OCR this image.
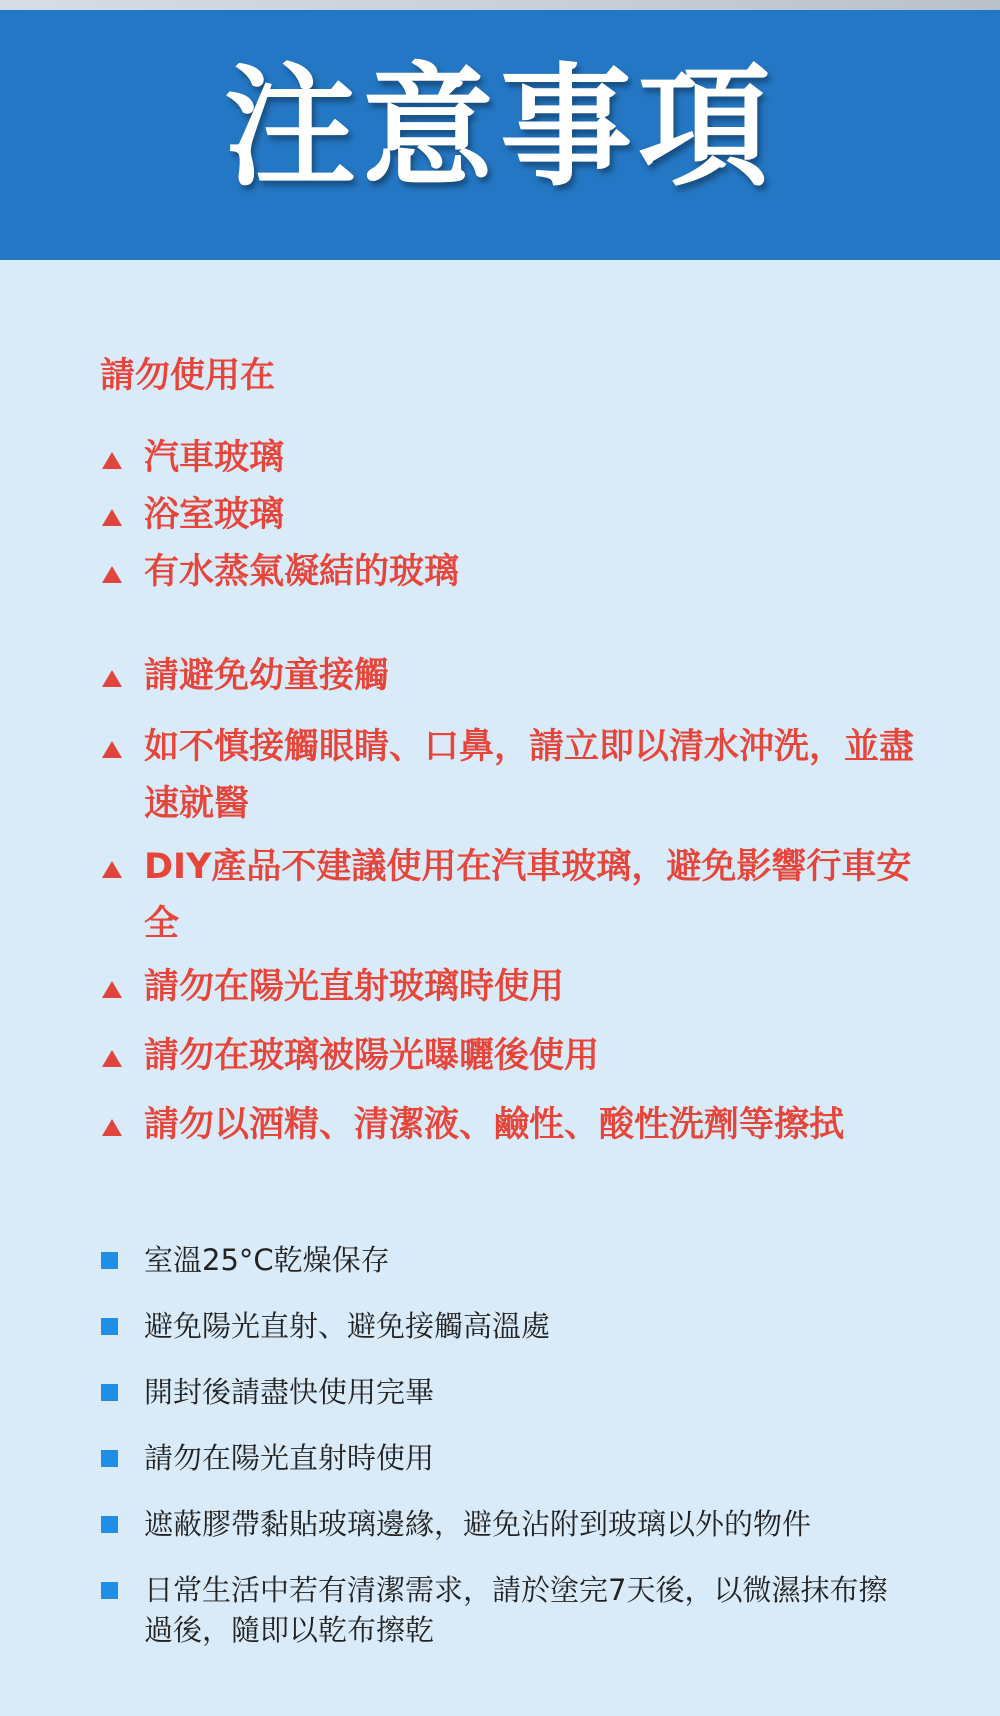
注意事項
請勿使用在
汽車玻璃
浴室玻璃
有水蒸氣凝結的玻璃
請避免幼童接觸
如不慎接觸眼睛、口鼻，請立即以清水沖洗，並盡速就醫
DIY產品不建議使用在汽車玻璃，避免影響行車安全
請勿在陽光直射玻璃時使用
請勿在玻璃被陽光曝曬後使用
請勿以酒精、清潔液、鹼性、酸性洗劑等擦拭
室溫25°C乾燥保存
避免陽光直射、避免接觸高溫處
開封後請盡快使用完畢
請勿在陽光直射時使用
遮蔽膠帶黏貼玻璃邊緣，避免沾附到玻璃以外的物件
日常生活中若有清潔需求，請於塗完7天後，以微濕抹布擦過後，隨即以乾布擦乾
